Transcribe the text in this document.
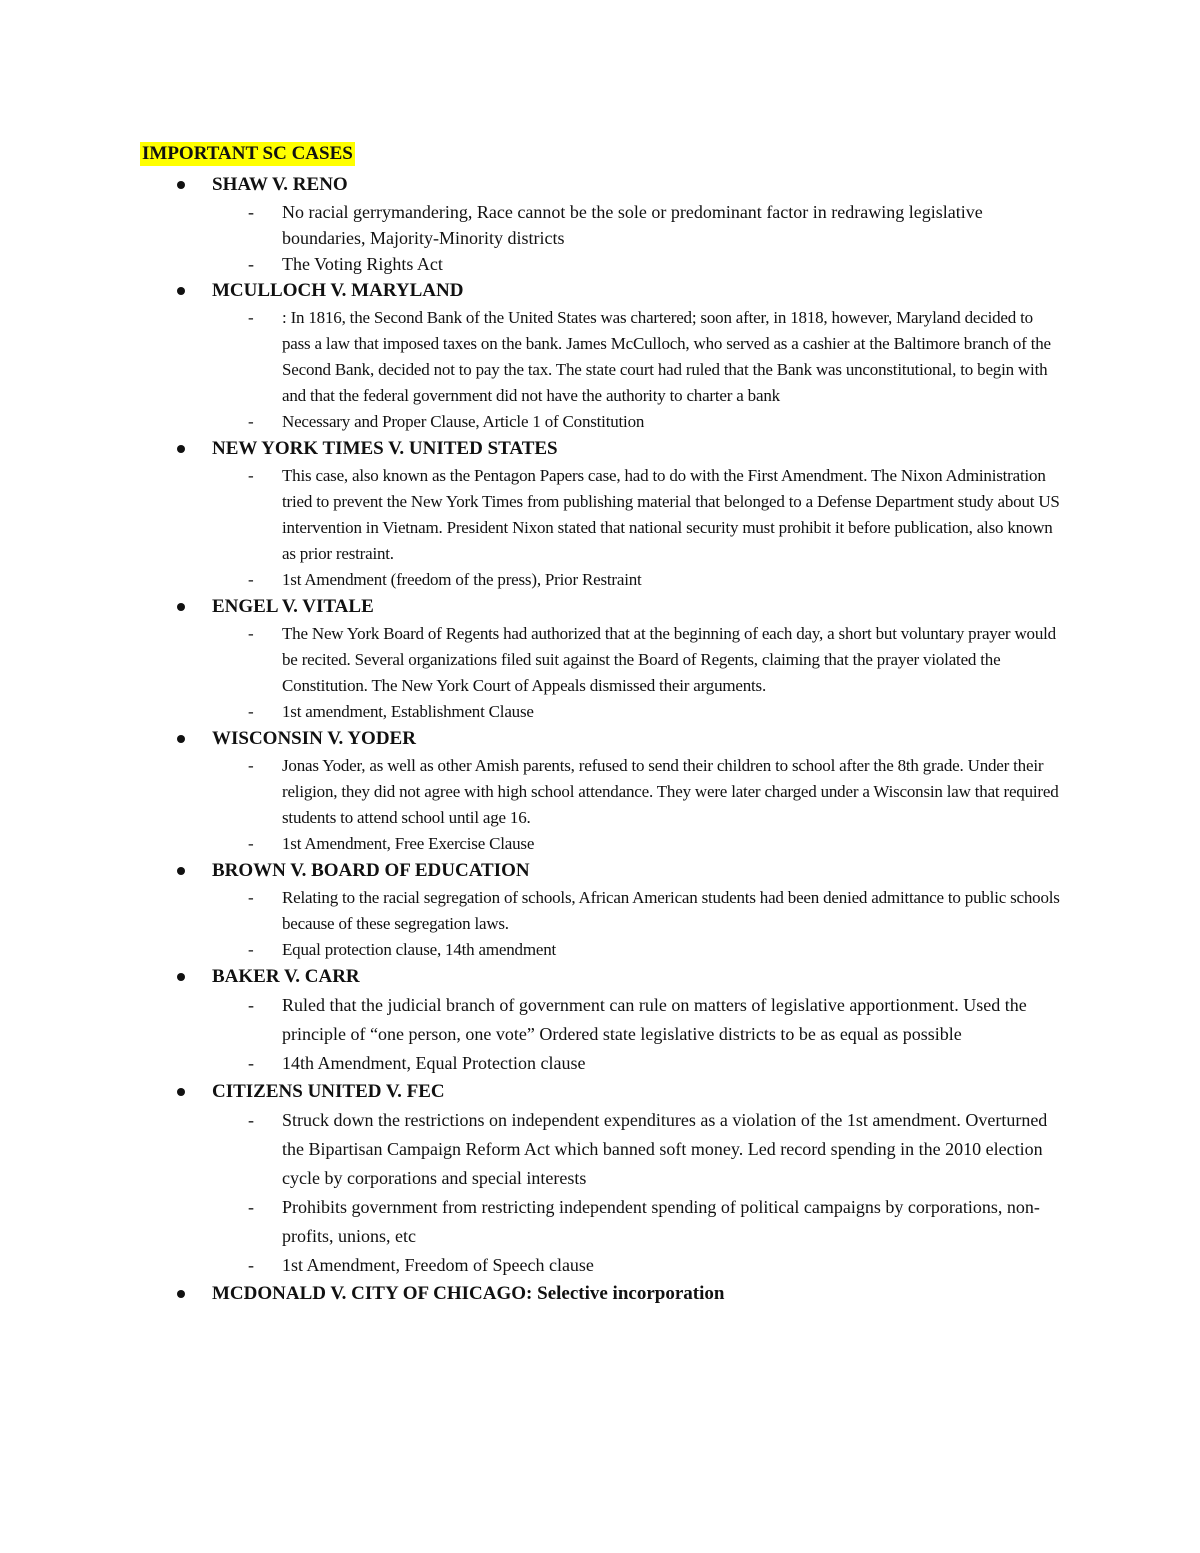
IMPORTANT SC CASES
SHAW V. RENO
- No racial gerrymandering, Race cannot be the sole or predominant factor in redrawing legislative boundaries, Majority-Minority districts
- The Voting Rights Act
MCULLOCH V. MARYLAND
- : In 1816, the Second Bank of the United States was chartered; soon after, in 1818, however, Maryland decided to pass a law that imposed taxes on the bank. James McCulloch, who served as a cashier at the Baltimore branch of the Second Bank, decided not to pay the tax. The state court had ruled that the Bank was unconstitutional, to begin with and that the federal government did not have the authority to charter a bank
- Necessary and Proper Clause, Article 1 of Constitution
NEW YORK TIMES V. UNITED STATES
- This case, also known as the Pentagon Papers case, had to do with the First Amendment. The Nixon Administration tried to prevent the New York Times from publishing material that belonged to a Defense Department study about US intervention in Vietnam. President Nixon stated that national security must prohibit it before publication, also known as prior restraint.
- 1st Amendment (freedom of the press), Prior Restraint
ENGEL V. VITALE
- The New York Board of Regents had authorized that at the beginning of each day, a short but voluntary prayer would be recited. Several organizations filed suit against the Board of Regents, claiming that the prayer violated the Constitution. The New York Court of Appeals dismissed their arguments.
- 1st amendment, Establishment Clause
WISCONSIN V. YODER
- Jonas Yoder, as well as other Amish parents, refused to send their children to school after the 8th grade. Under their religion, they did not agree with high school attendance. They were later charged under a Wisconsin law that required students to attend school until age 16.
- 1st Amendment, Free Exercise Clause
BROWN V. BOARD OF EDUCATION
- Relating to the racial segregation of schools, African American students had been denied admittance to public schools because of these segregation laws.
- Equal protection clause, 14th amendment
BAKER V. CARR
- Ruled that the judicial branch of government can rule on matters of legislative apportionment. Used the principle of “one person, one vote” Ordered state legislative districts to be as equal as possible
- 14th Amendment, Equal Protection clause
CITIZENS UNITED V. FEC
- Struck down the restrictions on independent expenditures as a violation of the 1st amendment. Overturned the Bipartisan Campaign Reform Act which banned soft money. Led record spending in the 2010 election cycle by corporations and special interests
- Prohibits government from restricting independent spending of political campaigns by corporations, non-profits, unions, etc
- 1st Amendment, Freedom of Speech clause
MCDONALD V. CITY OF CHICAGO: Selective incorporation
